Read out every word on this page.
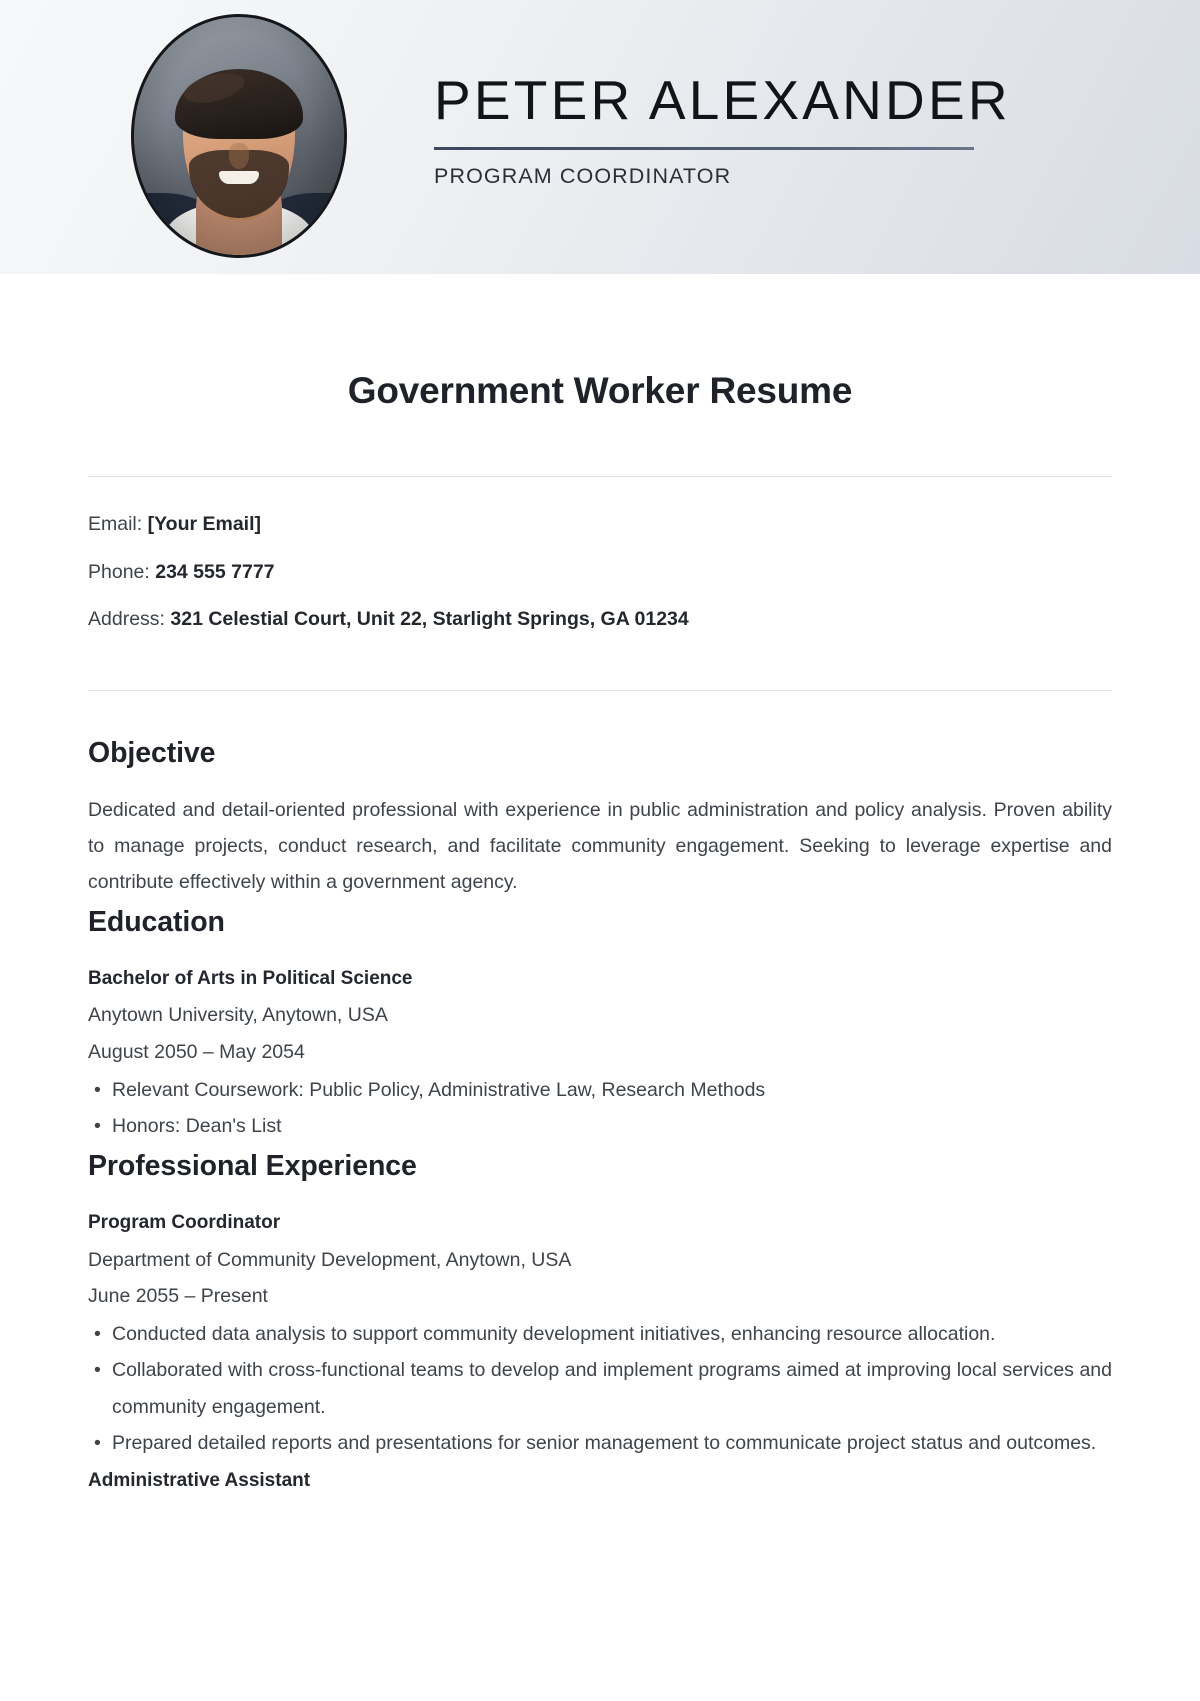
PETER ALEXANDER
PROGRAM COORDINATOR
Government Worker Resume
Email: [Your Email]
Phone: 234 555 7777
Address: 321 Celestial Court, Unit 22, Starlight Springs, GA 01234
Objective

Dedicated and detail-oriented professional with experience in public administration and policy analysis. Proven ability to manage projects, conduct research, and facilitate community engagement. Seeking to leverage expertise and contribute effectively within a government agency.

Education
Bachelor of Arts in Political Science
Anytown University, Anytown, USA
August 2050 – May 2054
• Relevant Coursework: Public Policy, Administrative Law, Research Methods
• Honors: Dean's List
Professional Experience
Program Coordinator
Department of Community Development, Anytown, USA
June 2055 – Present
• Conducted data analysis to support community development initiatives, enhancing resource allocation.
• Collaborated with cross-functional teams to develop and implement programs aimed at improving local services and community engagement.
• Prepared detailed reports and presentations for senior management to communicate project status and outcomes.
Administrative Assistant
